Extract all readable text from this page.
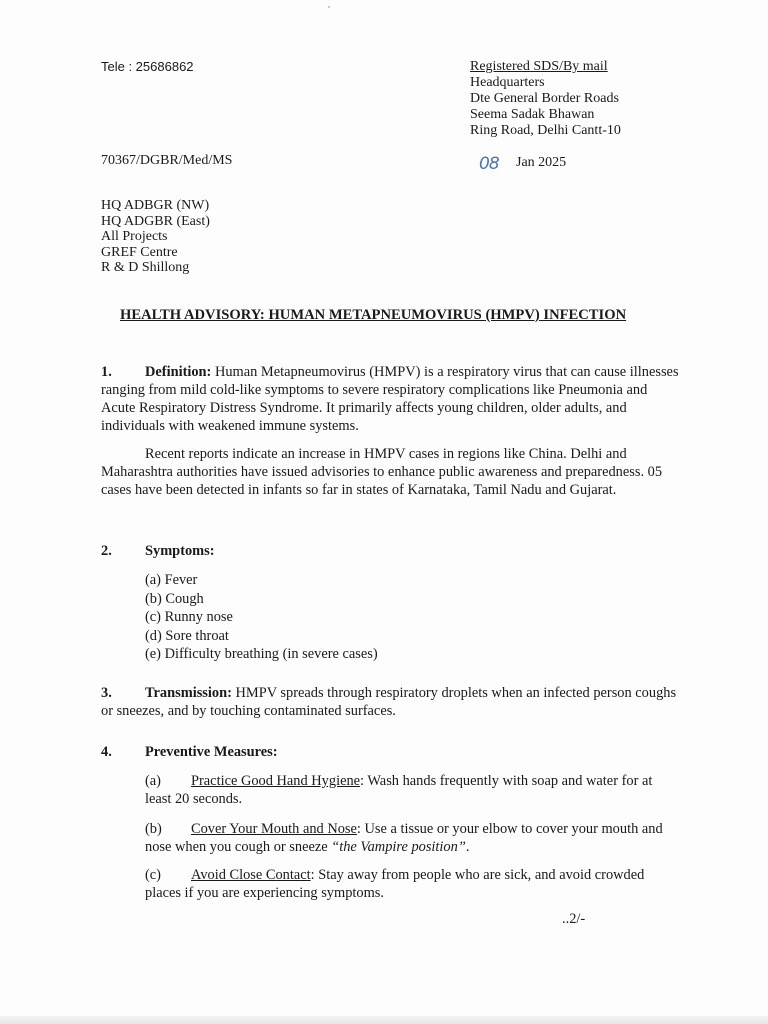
Tele : 25686862	Registered SDS/By mail
Headquarters
Dte General Border Roads
Seema Sadak Bhawan
Ring Road, Delhi Cantt-10
70367/DGBR/Med/MS	08 Jan 2025
HQ ADBGR (NW)
HQ ADGBR (East)
All Projects
GREF Centre
R & D Shillong
HEALTH ADVISORY: HUMAN METAPNEUMOVIRUS (HMPV) INFECTION
1. Definition: Human Metapneumovirus (HMPV) is a respiratory virus that can cause illnesses ranging from mild cold-like symptoms to severe respiratory complications like Pneumonia and Acute Respiratory Distress Syndrome. It primarily affects young children, older adults, and individuals with weakened immune systems.
Recent reports indicate an increase in HMPV cases in regions like China. Delhi and Maharashtra authorities have issued advisories to enhance public awareness and preparedness. 05 cases have been detected in infants so far in states of Karnataka, Tamil Nadu and Gujarat.
2. Symptoms:
(a) Fever
(b) Cough
(c) Runny nose
(d) Sore throat
(e) Difficulty breathing (in severe cases)
3. Transmission: HMPV spreads through respiratory droplets when an infected person coughs or sneezes, and by touching contaminated surfaces.
4. Preventive Measures:
(a) Practice Good Hand Hygiene: Wash hands frequently with soap and water for at least 20 seconds.
(b) Cover Your Mouth and Nose: Use a tissue or your elbow to cover your mouth and nose when you cough or sneeze “the Vampire position”.
(c) Avoid Close Contact: Stay away from people who are sick, and avoid crowded places if you are experiencing symptoms.
..2/-
